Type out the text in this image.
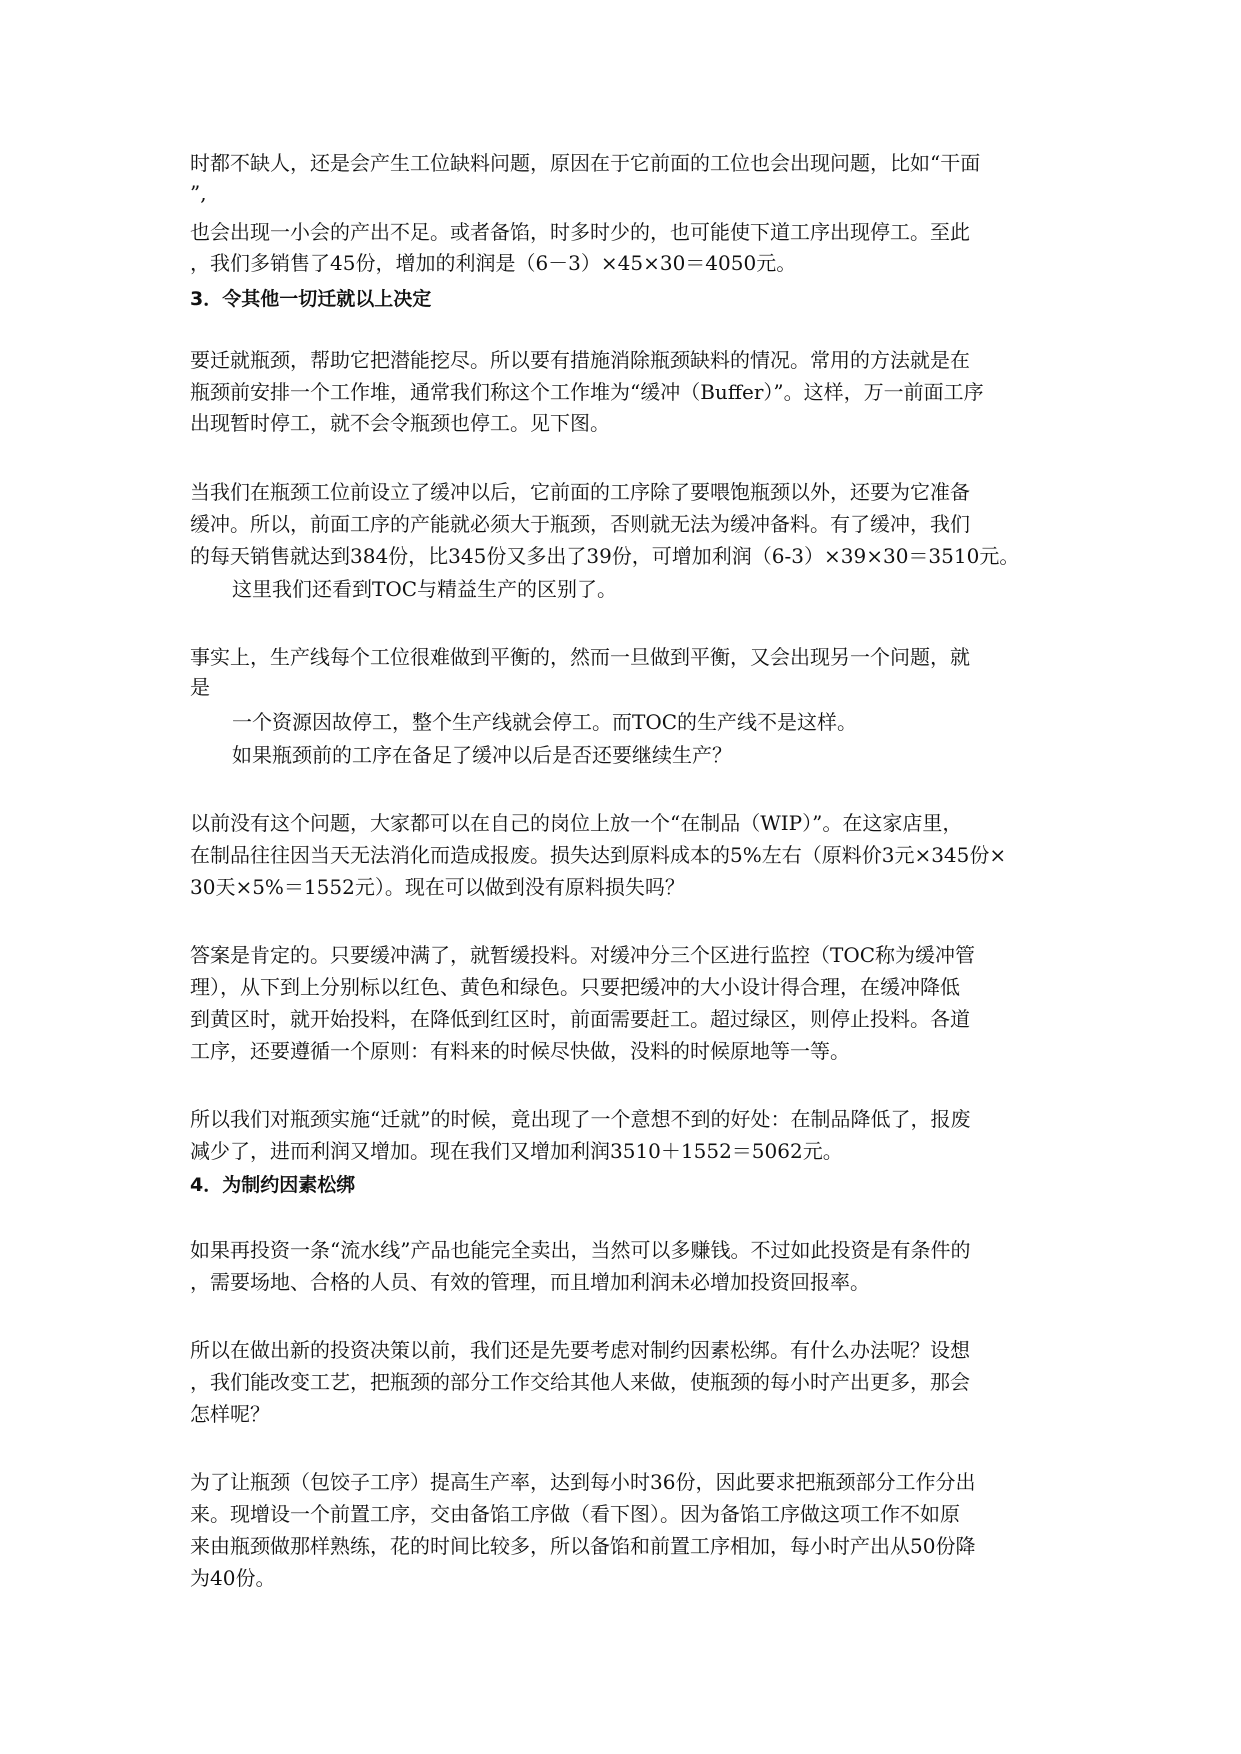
时都不缺人，还是会产生工位缺料问题，原因在于它前面的工位也会出现问题，比如“干面

”,

也会出现一小会的产出不足。或者备馅，时多时少的，也可能使下道工序出现停工。至此

，我们多销售了45份，增加的利润是（6－3）×45×30＝4050元。

3．令其他一切迁就以上决定

要迁就瓶颈，帮助它把潜能挖尽。所以要有措施消除瓶颈缺料的情况。常用的方法就是在

瓶颈前安排一个工作堆，通常我们称这个工作堆为“缓冲（Buffer）”。这样，万一前面工序

出现暂时停工，就不会令瓶颈也停工。见下图。

当我们在瓶颈工位前设立了缓冲以后，它前面的工序除了要喂饱瓶颈以外，还要为它准备

缓冲。所以，前面工序的产能就必须大于瓶颈，否则就无法为缓冲备料。有了缓冲，我们

的每天销售就达到384份，比345份又多出了39份，可增加利润（6-3）×39×30＝3510元。

这里我们还看到TOC与精益生产的区别了。

事实上，生产线每个工位很难做到平衡的，然而一旦做到平衡，又会出现另一个问题，就

是

一个资源因故停工，整个生产线就会停工。而TOC的生产线不是这样。

如果瓶颈前的工序在备足了缓冲以后是否还要继续生产？

以前没有这个问题，大家都可以在自己的岗位上放一个“在制品（WIP）”。在这家店里，

在制品往往因当天无法消化而造成报废。损失达到原料成本的5%左右（原料价3元×345份×

30天×5%＝1552元）。现在可以做到没有原料损失吗？

答案是肯定的。只要缓冲满了，就暂缓投料。对缓冲分三个区进行监控（TOC称为缓冲管

理），从下到上分别标以红色、黄色和绿色。只要把缓冲的大小设计得合理，在缓冲降低

到黄区时，就开始投料，在降低到红区时，前面需要赶工。超过绿区，则停止投料。各道

工序，还要遵循一个原则：有料来的时候尽快做，没料的时候原地等一等。

所以我们对瓶颈实施“迁就”的时候，竟出现了一个意想不到的好处：在制品降低了，报废

减少了，进而利润又增加。现在我们又增加利润3510＋1552＝5062元。

4．为制约因素松绑

如果再投资一条“流水线”产品也能完全卖出，当然可以多赚钱。不过如此投资是有条件的

，需要场地、合格的人员、有效的管理，而且增加利润未必增加投资回报率。

所以在做出新的投资决策以前，我们还是先要考虑对制约因素松绑。有什么办法呢？设想

，我们能改变工艺，把瓶颈的部分工作交给其他人来做，使瓶颈的每小时产出更多，那会

怎样呢？

为了让瓶颈（包饺子工序）提高生产率，达到每小时36份，因此要求把瓶颈部分工作分出

来。现增设一个前置工序，交由备馅工序做（看下图）。因为备馅工序做这项工作不如原

来由瓶颈做那样熟练，花的时间比较多，所以备馅和前置工序相加，每小时产出从50份降

为40份。
